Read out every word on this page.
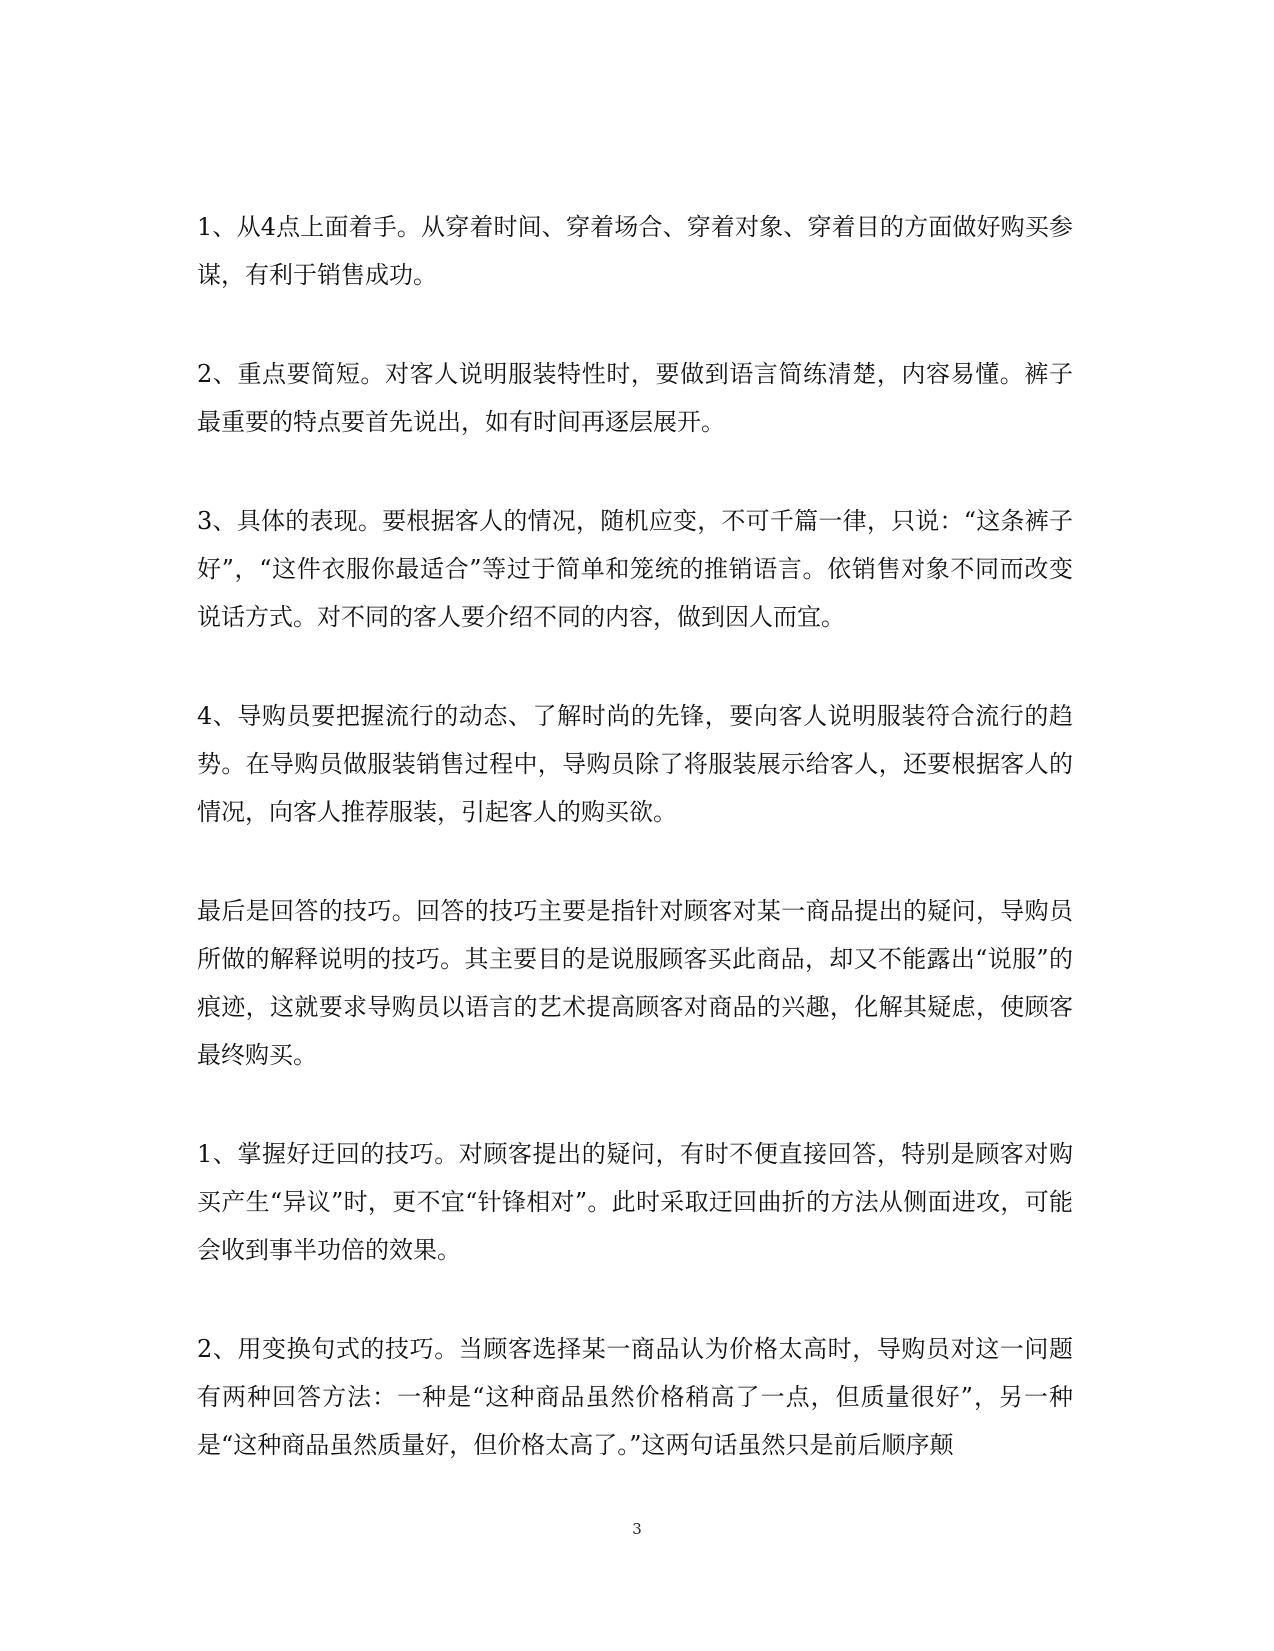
1、从4点上面着手。从穿着时间、穿着场合、穿着对象、穿着目的方面做好购买参谋，有利于销售成功。

2、重点要简短。对客人说明服装特性时，要做到语言简练清楚，内容易懂。裤子最重要的特点要首先说出，如有时间再逐层展开。

3、具体的表现。要根据客人的情况，随机应变，不可千篇一律，只说：“这条裤子好”，“这件衣服你最适合”等过于简单和笼统的推销语言。依销售对象不同而改变说话方式。对不同的客人要介绍不同的内容，做到因人而宜。

4、导购员要把握流行的动态、了解时尚的先锋，要向客人说明服装符合流行的趋势。在导购员做服装销售过程中，导购员除了将服装展示给客人，还要根据客人的情况，向客人推荐服装，引起客人的购买欲。

最后是回答的技巧。回答的技巧主要是指针对顾客对某一商品提出的疑问，导购员所做的解释说明的技巧。其主要目的是说服顾客买此商品，却又不能露出“说服”的痕迹，这就要求导购员以语言的艺术提高顾客对商品的兴趣，化解其疑虑，使顾客最终购买。

1、掌握好迂回的技巧。对顾客提出的疑问，有时不便直接回答，特别是顾客对购买产生“异议”时，更不宜“针锋相对”。此时采取迂回曲折的方法从侧面进攻，可能会收到事半功倍的效果。

2、用变换句式的技巧。当顾客选择某一商品认为价格太高时，导购员对这一问题有两种回答方法：一种是“这种商品虽然价格稍高了一点，但质量很好”，另一种是“这种商品虽然质量好，但价格太高了。”这两句话虽然只是前后顺序颠

3
